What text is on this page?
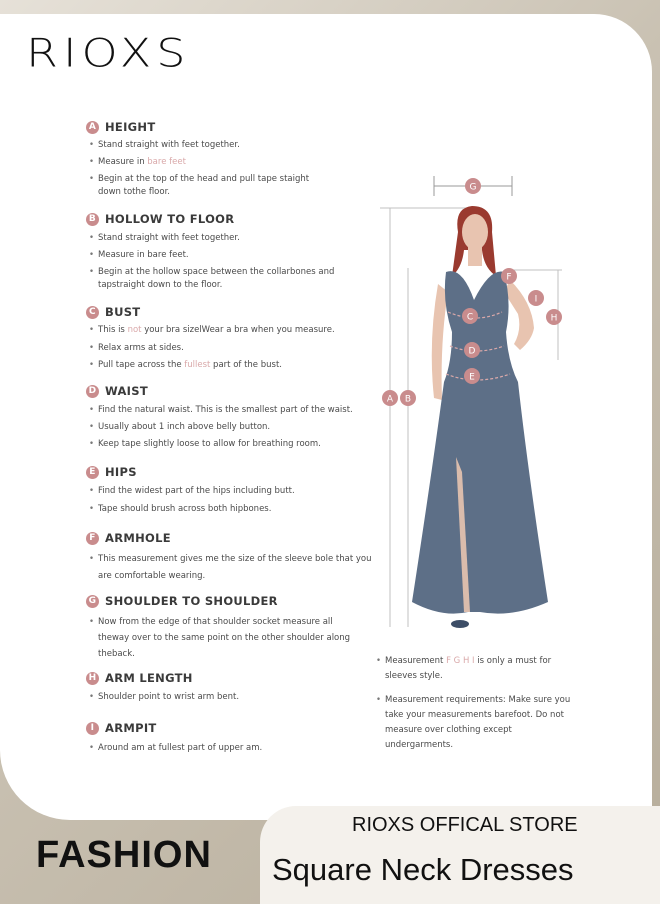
RIOXS
A HEIGHT
• Stand straight with feet together.
• Measure in bare feet
• Begin at the top of the head and pull tape staight down tothe floor.
B HOLLOW TO FLOOR
• Stand straight with feet together.
• Measure in bare feet.
• Begin at the hollow space between the collarbones and tapstraight down to the floor.
C BUST
• This is not your bra sizelWear a bra when you measure.
• Relax arms at sides.
• Pull tape across the fullest part of the bust.
D WAIST
• Find the natural waist. This is the smallest part of the waist.
• Usually about 1 inch above belly button.
• Keep tape slightly loose to allow for breathing room.
E HIPS
• Find the widest part of the hips including butt.
• Tape should brush across both hipbones.
F ARMHOLE
• This measurement gives me the size of the sleeve bole that you are comfortable wearing.
G SHOULDER TO SHOULDER
• Now from the edge of that shoulder socket measure all theway over to the same point on the other shoulder along theback.
H ARM LENGTH
• Shoulder point to wrist arm bent.
I ARMPIT
• Around am at fullest part of upper am.
• Measurement F G H I is only a must for sleeves style.
• Measurement requirements: Make sure you take your measurements barefoot. Do not measure over clothing except undergarments.
G
F
I
H
C
D
E
A B
FASHION
RIOXS OFFICAL STORE
Square Neck Dresses
